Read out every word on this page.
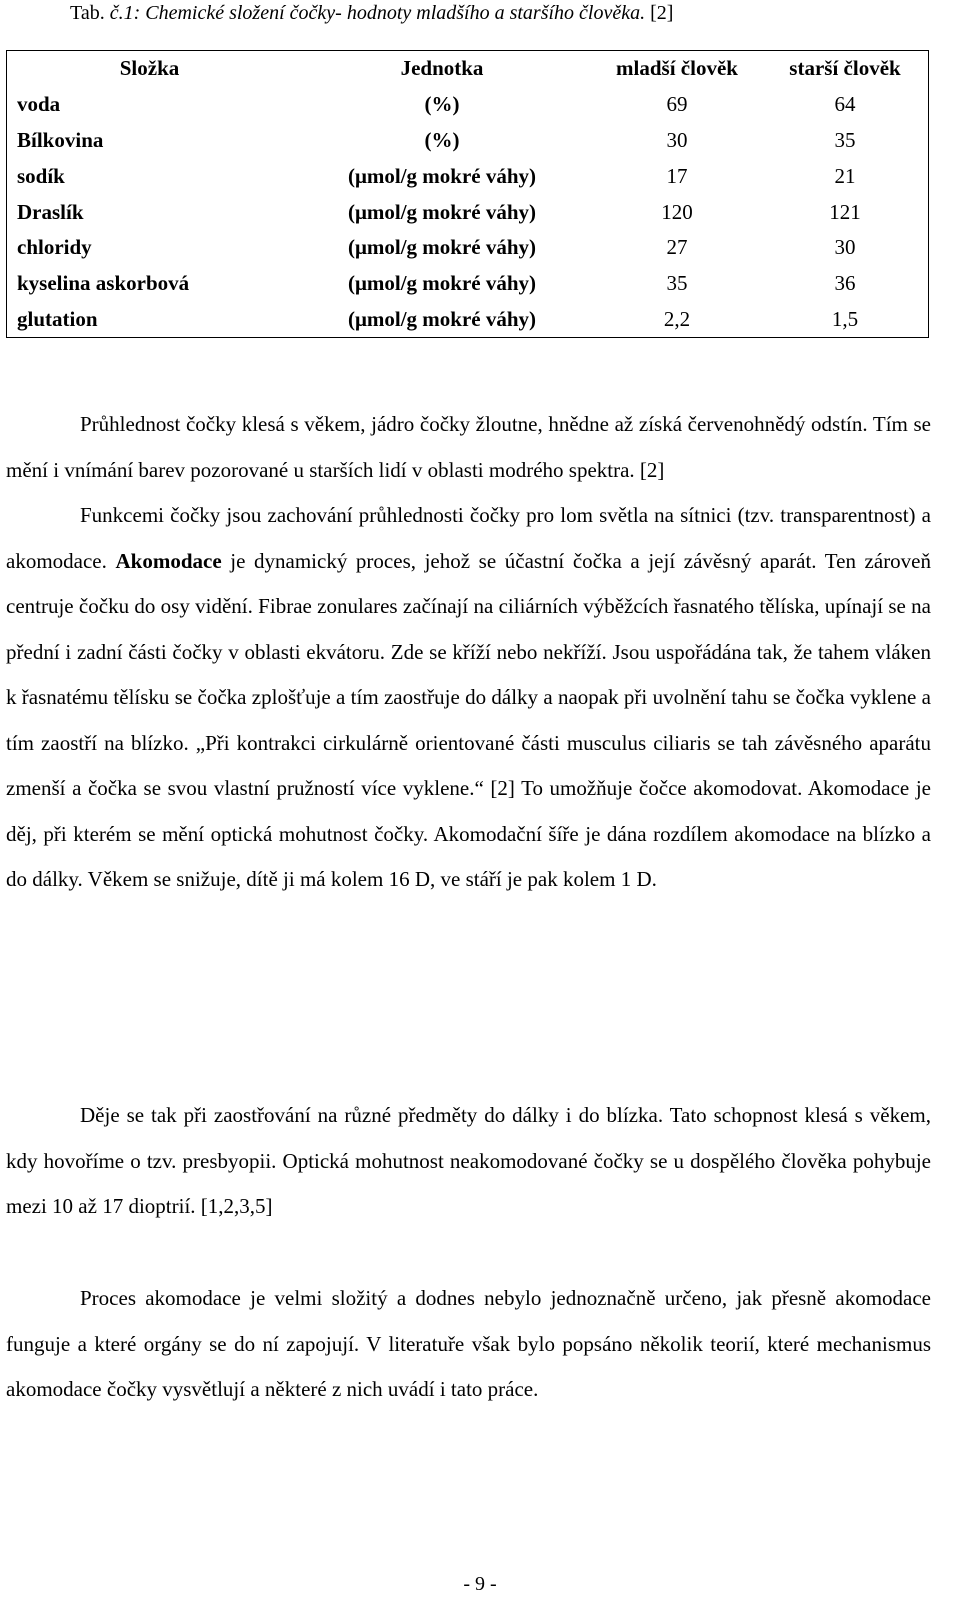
Tab. č.1: Chemické složení čočky- hodnoty mladšího a staršího člověka. [2]
Složka	Jednotka	mladší člověk	starší člověk
voda	(%)	69	64
Bílkovina	(%)	30	35
sodík	(μmol/g mokré váhy)	17	21
Draslík	(μmol/g mokré váhy)	120	121
chloridy	(μmol/g mokré váhy)	27	30
kyselina askorbová	(μmol/g mokré váhy)	35	36
glutation	(μmol/g mokré váhy)	2,2	1,5

Průhlednost čočky klesá s věkem, jádro čočky žloutne, hnědne až získá červenohnědý odstín. Tím se mění i vnímání barev pozorované u starších lidí v oblasti modrého spektra. [2]

Funkcemi čočky jsou zachování průhlednosti čočky pro lom světla na sítnici (tzv. transparentnost) a akomodace. Akomodace je dynamický proces, jehož se účastní čočka a její závěsný aparát. Ten zároveň centruje čočku do osy vidění. Fibrae zonulares začínají na ciliárních výběžcích řasnatého tělíska, upínají se na přední i zadní části čočky v oblasti ekvátoru. Zde se kříží nebo nekříží. Jsou uspořádána tak, že tahem vláken k řasnatému tělísku se čočka zplošťuje a tím zaostřuje do dálky a naopak při uvolnění tahu se čočka vyklene a tím zaostří na blízko. „Při kontrakci cirkulárně orientované části musculus ciliaris se tah závěsného aparátu zmenší a čočka se svou vlastní pružností více vyklene.“ [2] To umožňuje čočce akomodovat. Akomodace je děj, při kterém se mění optická mohutnost čočky. Akomodační šíře je dána rozdílem akomodace na blízko a do dálky. Věkem se snižuje, dítě ji má kolem 16 D, ve stáří je pak kolem 1 D.

Děje se tak při zaostřování na různé předměty do dálky i do blízka. Tato schopnost klesá s věkem, kdy hovoříme o tzv. presbyopii. Optická mohutnost neakomodované čočky se u dospělého člověka pohybuje mezi 10 až 17 dioptrií. [1,2,3,5]

Proces akomodace je velmi složitý a dodnes nebylo jednoznačně určeno, jak přesně akomodace funguje a které orgány se do ní zapojují. V literatuře však bylo popsáno několik teorií, které mechanismus akomodace čočky vysvětlují a některé z nich uvádí i tato práce.

- 9 -
